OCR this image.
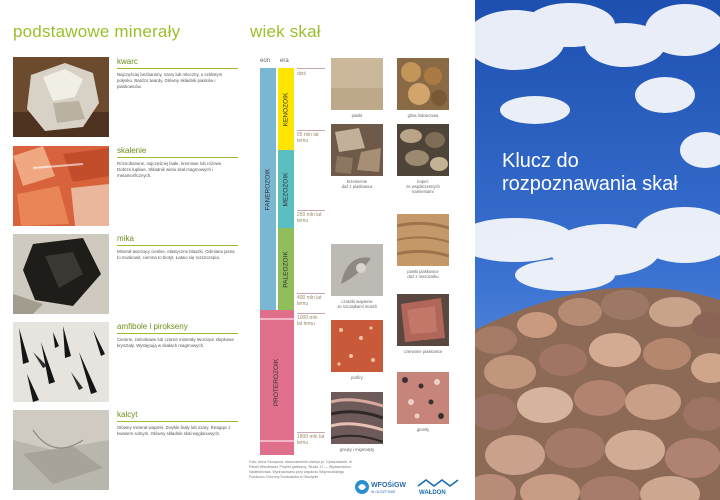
podstawowe minerały
kwarc
Najczęściej bezbarwny, szary lub mleczny, o szklistym połysku. Bardzo twardy. Główny składnik piasków i piaskowców.
skalenie
Różnobarwne, najczęściej białe, kremowe lub różowe. Dobrze łupliwe. Składnik wielu skał magmowych i metamorficznych.
mika
Minerał tworzący cienkie, elastyczne blaszki. Odmiana jasna to muskowit, ciemna to biotyt. Łatwo się rozszczepia.
amfibole i pirokseny
Ciemne, zielonkawe lub czarne minerały tworzące słupkowe kryształy. Występują w skałach magmowych.
kalcyt
Główny minerał wapieni. Zwykle biały lub szary. Reaguje z kwasem solnym. Główny składnik skał węglanowych.
wiek skał
eon era
FANEROZOIK
KENOZOIK
MEZOZOIK
PALEOZOIK
PROTEROZOIK
dziś
65 mln lat temu
250 mln lat temu
400 mln lat temu
1000 mln lat temu
1800 mln lat temu
piaski	glina lodowcowa
krzemienie
daż z piaskowca
kopeć
ze współczesnych
kamieniami
piaski piaskowce
daż z mezozoiku
czaszki wapienie
ze szczątkami muszli
czerwone piaskowce
porfiry
granity
gnejsy i migmatyty
Foto: Anna Szczęsna, www.kamienie.olsztyn.pl. Opracowanie: dr Paweł Wiśniewski. Projekt graficzny: Studio 17 — Wydawnictwo Nadleśnictwa. Wydrukowano przy wsparciu Wojewódzkiego Funduszu Ochrony Środowiska w Olsztynie.
WFOŚiGW
W OLSZTYNIE	WAŁDON
Klucz do rozpoznawania skał
